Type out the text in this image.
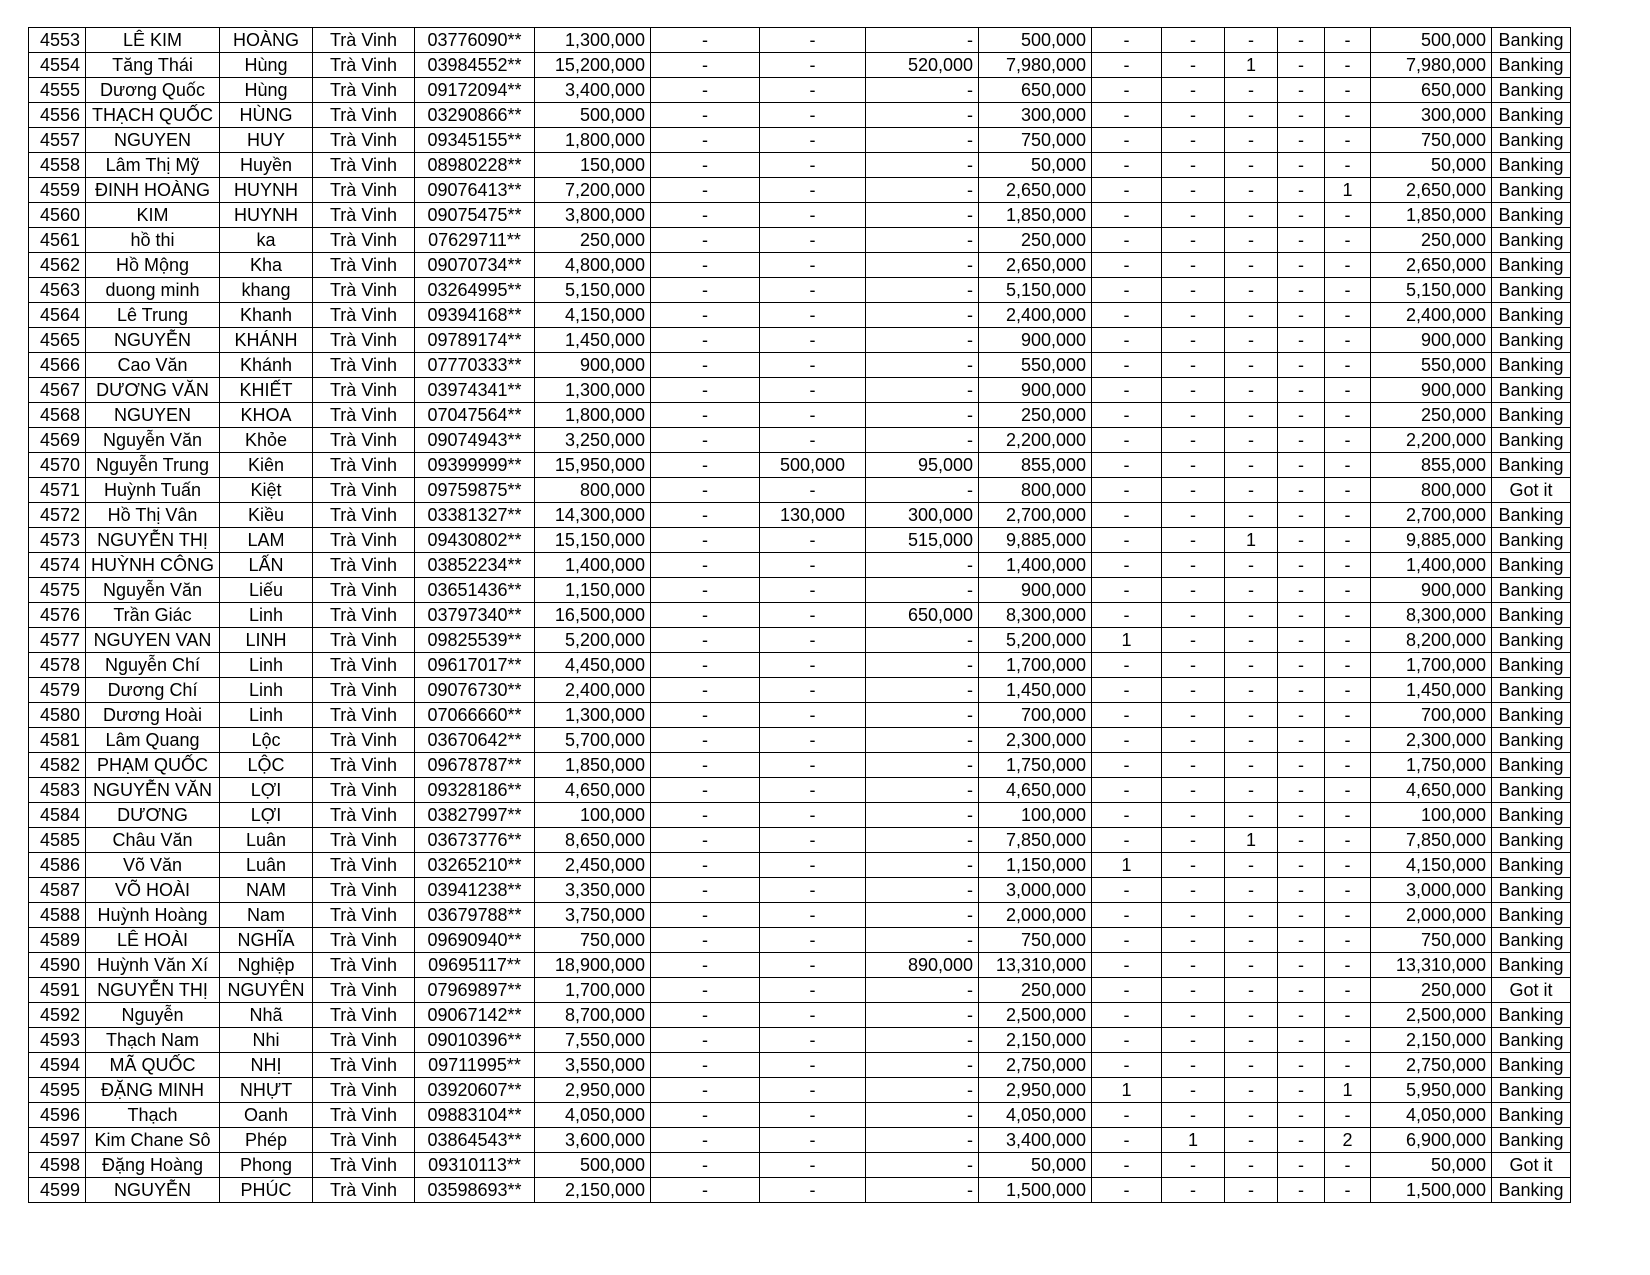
4553	LÊ KIM	HOÀNG	Trà Vinh	03776090**	1,300,000	-	-	-	500,000	-	-	-	-	-	500,000	Banking
4554	Tăng Thái	Hùng	Trà Vinh	03984552**	15,200,000	-	-	520,000	7,980,000	-	-	1	-	-	7,980,000	Banking
4555	Dương Quốc	Hùng	Trà Vinh	09172094**	3,400,000	-	-	-	650,000	-	-	-	-	-	650,000	Banking
4556	THẠCH QUỐC	HÙNG	Trà Vinh	03290866**	500,000	-	-	-	300,000	-	-	-	-	-	300,000	Banking
4557	NGUYEN	HUY	Trà Vinh	09345155**	1,800,000	-	-	-	750,000	-	-	-	-	-	750,000	Banking
4558	Lâm Thị Mỹ	Huyền	Trà Vinh	08980228**	150,000	-	-	-	50,000	-	-	-	-	-	50,000	Banking
4559	ĐINH HOÀNG	HUYNH	Trà Vinh	09076413**	7,200,000	-	-	-	2,650,000	-	-	-	-	1	2,650,000	Banking
4560	KIM	HUYNH	Trà Vinh	09075475**	3,800,000	-	-	-	1,850,000	-	-	-	-	-	1,850,000	Banking
4561	hồ thi	ka	Trà Vinh	07629711**	250,000	-	-	-	250,000	-	-	-	-	-	250,000	Banking
4562	Hồ Mộng	Kha	Trà Vinh	09070734**	4,800,000	-	-	-	2,650,000	-	-	-	-	-	2,650,000	Banking
4563	duong minh	khang	Trà Vinh	03264995**	5,150,000	-	-	-	5,150,000	-	-	-	-	-	5,150,000	Banking
4564	Lê Trung	Khanh	Trà Vinh	09394168**	4,150,000	-	-	-	2,400,000	-	-	-	-	-	2,400,000	Banking
4565	NGUYỄN	KHÁNH	Trà Vinh	09789174**	1,450,000	-	-	-	900,000	-	-	-	-	-	900,000	Banking
4566	Cao Văn	Khánh	Trà Vinh	07770333**	900,000	-	-	-	550,000	-	-	-	-	-	550,000	Banking
4567	DƯƠNG VĂN	KHIẾT	Trà Vinh	03974341**	1,300,000	-	-	-	900,000	-	-	-	-	-	900,000	Banking
4568	NGUYEN	KHOA	Trà Vinh	07047564**	1,800,000	-	-	-	250,000	-	-	-	-	-	250,000	Banking
4569	Nguyễn Văn	Khỏe	Trà Vinh	09074943**	3,250,000	-	-	-	2,200,000	-	-	-	-	-	2,200,000	Banking
4570	Nguyễn Trung	Kiên	Trà Vinh	09399999**	15,950,000	-	500,000	95,000	855,000	-	-	-	-	-	855,000	Banking
4571	Huỳnh Tuấn	Kiệt	Trà Vinh	09759875**	800,000	-	-	-	800,000	-	-	-	-	-	800,000	Got it
4572	Hồ Thị Vân	Kiều	Trà Vinh	03381327**	14,300,000	-	130,000	300,000	2,700,000	-	-	-	-	-	2,700,000	Banking
4573	NGUYỄN THỊ	LAM	Trà Vinh	09430802**	15,150,000	-	-	515,000	9,885,000	-	-	1	-	-	9,885,000	Banking
4574	HUỲNH CÔNG	LẤN	Trà Vinh	03852234**	1,400,000	-	-	-	1,400,000	-	-	-	-	-	1,400,000	Banking
4575	Nguyễn Văn	Liếu	Trà Vinh	03651436**	1,150,000	-	-	-	900,000	-	-	-	-	-	900,000	Banking
4576	Trần Giác	Linh	Trà Vinh	03797340**	16,500,000	-	-	650,000	8,300,000	-	-	-	-	-	8,300,000	Banking
4577	NGUYEN VAN	LINH	Trà Vinh	09825539**	5,200,000	-	-	-	5,200,000	1	-	-	-	-	8,200,000	Banking
4578	Nguyễn Chí	Linh	Trà Vinh	09617017**	4,450,000	-	-	-	1,700,000	-	-	-	-	-	1,700,000	Banking
4579	Dương Chí	Linh	Trà Vinh	09076730**	2,400,000	-	-	-	1,450,000	-	-	-	-	-	1,450,000	Banking
4580	Dương Hoài	Linh	Trà Vinh	07066660**	1,300,000	-	-	-	700,000	-	-	-	-	-	700,000	Banking
4581	Lâm Quang	Lộc	Trà Vinh	03670642**	5,700,000	-	-	-	2,300,000	-	-	-	-	-	2,300,000	Banking
4582	PHẠM QUỐC	LỘC	Trà Vinh	09678787**	1,850,000	-	-	-	1,750,000	-	-	-	-	-	1,750,000	Banking
4583	NGUYỄN VĂN	LỢI	Trà Vinh	09328186**	4,650,000	-	-	-	4,650,000	-	-	-	-	-	4,650,000	Banking
4584	DƯƠNG	LỢI	Trà Vinh	03827997**	100,000	-	-	-	100,000	-	-	-	-	-	100,000	Banking
4585	Châu Văn	Luân	Trà Vinh	03673776**	8,650,000	-	-	-	7,850,000	-	-	1	-	-	7,850,000	Banking
4586	Võ Văn	Luân	Trà Vinh	03265210**	2,450,000	-	-	-	1,150,000	1	-	-	-	-	4,150,000	Banking
4587	VÕ HOÀI	NAM	Trà Vinh	03941238**	3,350,000	-	-	-	3,000,000	-	-	-	-	-	3,000,000	Banking
4588	Huỳnh Hoàng	Nam	Trà Vinh	03679788**	3,750,000	-	-	-	2,000,000	-	-	-	-	-	2,000,000	Banking
4589	LÊ HOÀI	NGHĨA	Trà Vinh	09690940**	750,000	-	-	-	750,000	-	-	-	-	-	750,000	Banking
4590	Huỳnh Văn Xí	Nghiệp	Trà Vinh	09695117**	18,900,000	-	-	890,000	13,310,000	-	-	-	-	-	13,310,000	Banking
4591	NGUYỄN THỊ	NGUYÊN	Trà Vinh	07969897**	1,700,000	-	-	-	250,000	-	-	-	-	-	250,000	Got it
4592	Nguyễn	Nhã	Trà Vinh	09067142**	8,700,000	-	-	-	2,500,000	-	-	-	-	-	2,500,000	Banking
4593	Thạch Nam	Nhi	Trà Vinh	09010396**	7,550,000	-	-	-	2,150,000	-	-	-	-	-	2,150,000	Banking
4594	MÃ QUỐC	NHỊ	Trà Vinh	09711995**	3,550,000	-	-	-	2,750,000	-	-	-	-	-	2,750,000	Banking
4595	ĐẶNG MINH	NHỰT	Trà Vinh	03920607**	2,950,000	-	-	-	2,950,000	1	-	-	-	1	5,950,000	Banking
4596	Thạch	Oanh	Trà Vinh	09883104**	4,050,000	-	-	-	4,050,000	-	-	-	-	-	4,050,000	Banking
4597	Kim Chane Sô	Phép	Trà Vinh	03864543**	3,600,000	-	-	-	3,400,000	-	1	-	-	2	6,900,000	Banking
4598	Đặng Hoàng	Phong	Trà Vinh	09310113**	500,000	-	-	-	50,000	-	-	-	-	-	50,000	Got it
4599	NGUYỄN	PHÚC	Trà Vinh	03598693**	2,150,000	-	-	-	1,500,000	-	-	-	-	-	1,500,000	Banking
